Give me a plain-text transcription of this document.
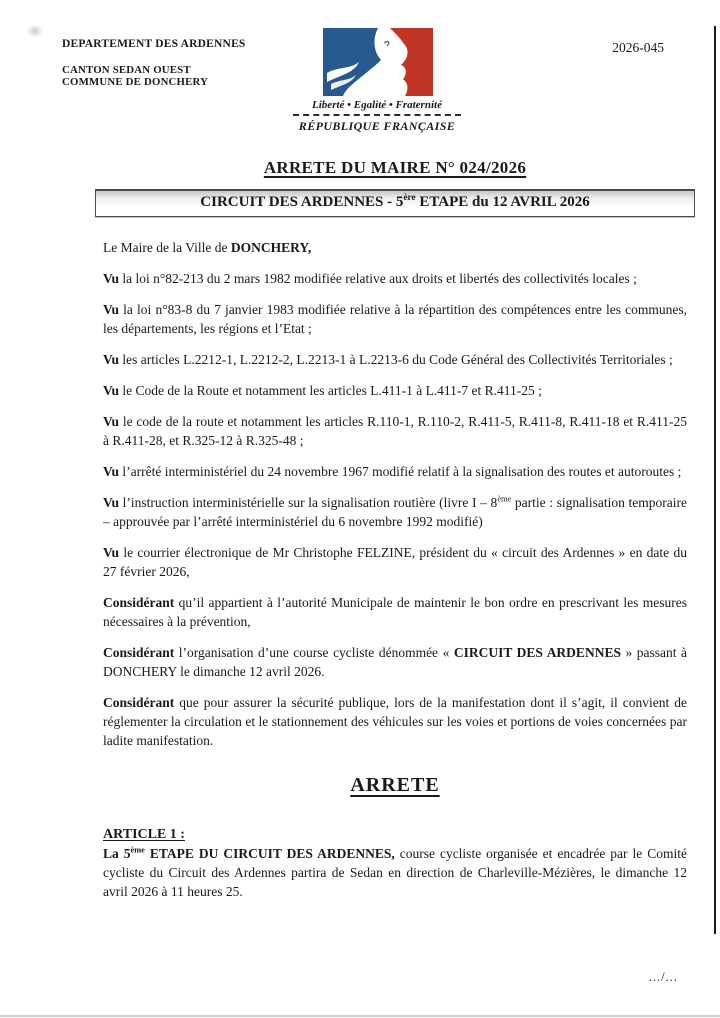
DEPARTEMENT DES ARDENNES
CANTON SEDAN OUEST
COMMUNE DE DONCHERY
Liberté • Egalité • Fraternité
RÉPUBLIQUE FRANÇAISE
2026-045
ARRETE DU MAIRE N° 024/2026
CIRCUIT DES ARDENNES - 5ère ETAPE du 12 AVRIL 2026

Le Maire de la Ville de DONCHERY,

Vu la loi n°82-213 du 2 mars 1982 modifiée relative aux droits et libertés des collectivités locales ;

Vu la loi n°83-8 du 7 janvier 1983 modifiée relative à la répartition des compétences entre les communes, les départements, les régions et l’Etat ;

Vu les articles L.2212-1, L.2212-2, L.2213-1 à L.2213-6 du Code Général des Collectivités Territoriales ;

Vu le Code de la Route et notamment les articles L.411-1 à L.411-7 et R.411-25 ;

Vu le code de la route et notamment les articles R.110-1, R.110-2, R.411-5, R.411-8, R.411-18 et R.411-25 à R.411-28, et R.325-12 à R.325-48 ;

Vu l’arrêté interministériel du 24 novembre 1967 modifié relatif à la signalisation des routes et autoroutes ;

Vu l’instruction interministérielle sur la signalisation routière (livre I – 8ème partie : signalisation temporaire – approuvée par l’arrêté interministériel du 6 novembre 1992 modifié)

Vu le courrier électronique de Mr Christophe FELZINE, président du « circuit des Ardennes » en date du 27 février 2026,

Considérant qu’il appartient à l’autorité Municipale de maintenir le bon ordre en prescrivant les mesures nécessaires à la prévention,

Considérant l’organisation d’une course cycliste dénommée « CIRCUIT DES ARDENNES » passant à DONCHERY le dimanche 12 avril 2026.

Considérant que pour assurer la sécurité publique, lors de la manifestation dont il s’agit, il convient de réglementer la circulation et le stationnement des véhicules sur les voies et portions de voies concernées par ladite manifestation.

ARRETE
ARTICLE 1 :

La 5ème ETAPE DU CIRCUIT DES ARDENNES, course cycliste organisée et encadrée par le Comité cycliste du Circuit des Ardennes partira de Sedan en direction de Charleville-Mézières, le dimanche 12 avril 2026 à 11 heures 25.

.../...
